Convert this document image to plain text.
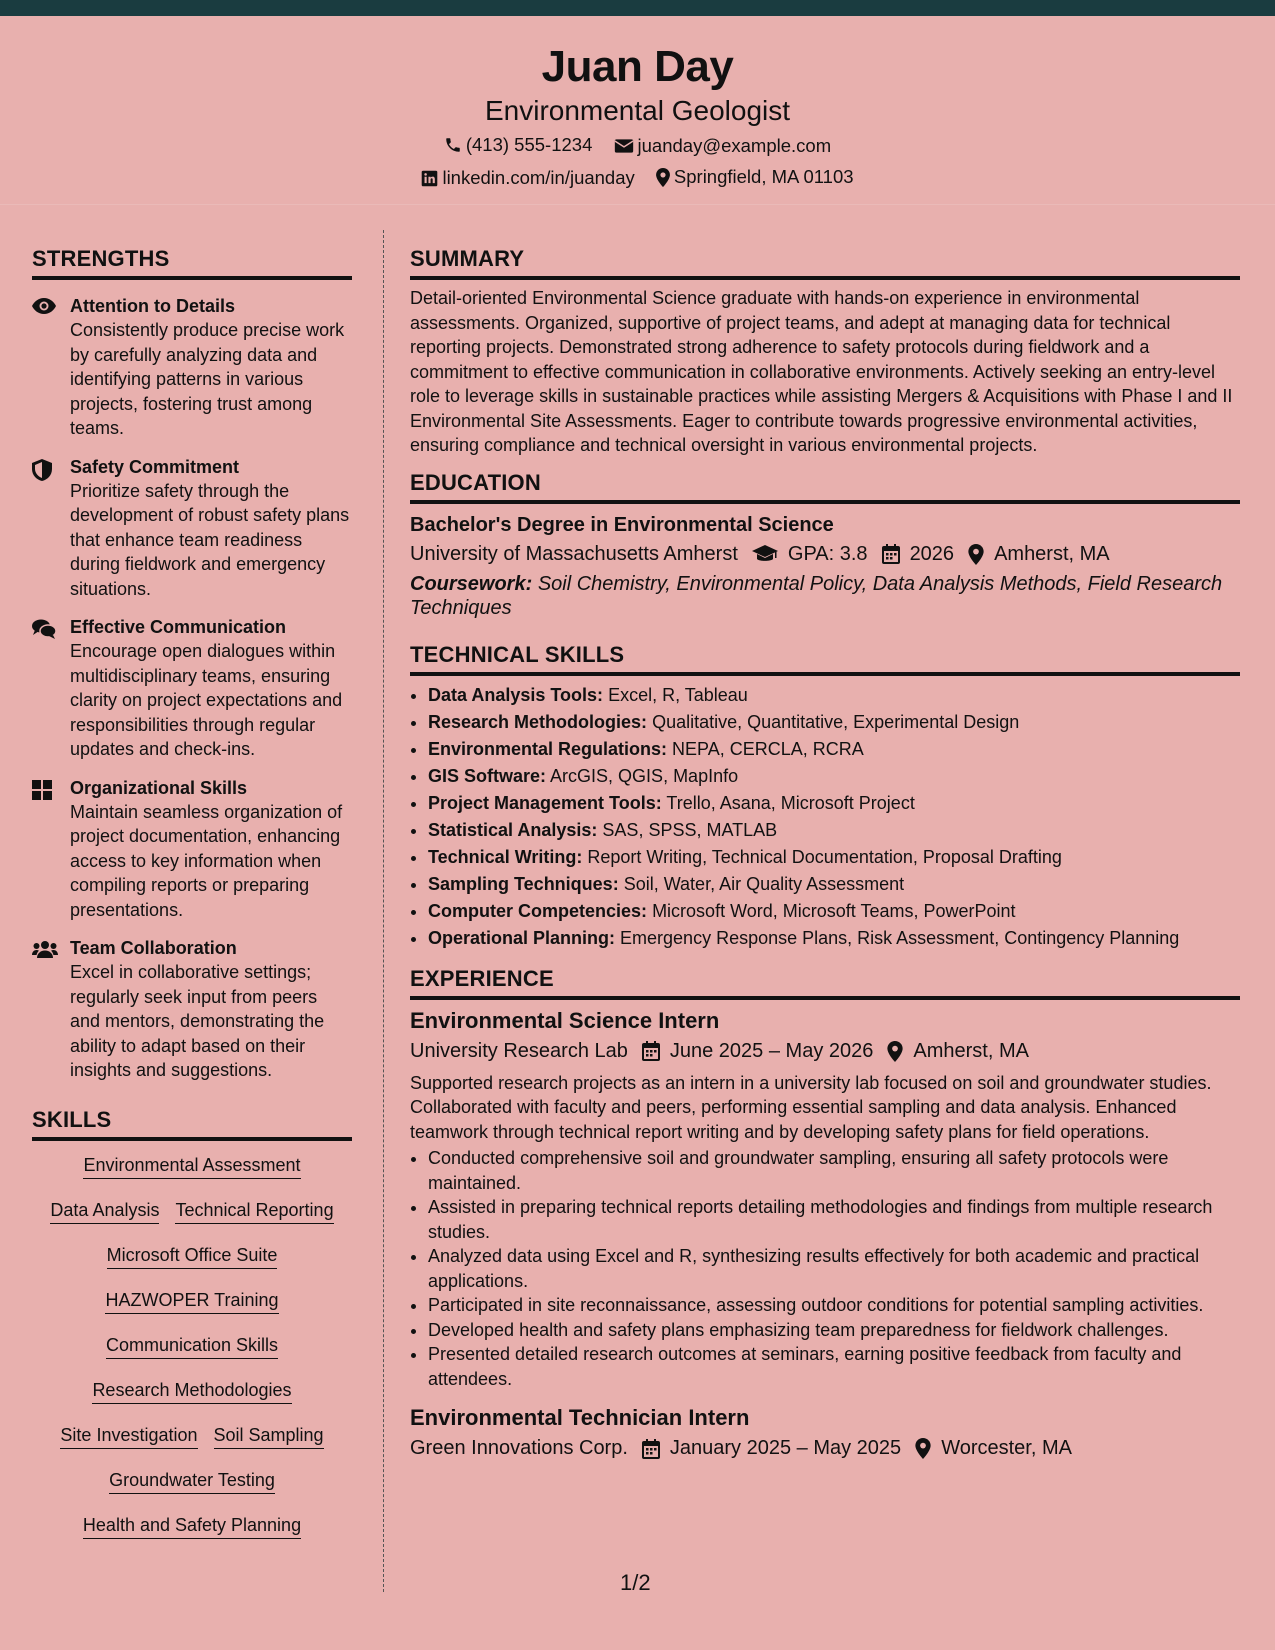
Juan Day
Environmental Geologist
(413) 555-1234
juanday@example.com
linkedin.com/in/juanday
Springfield, MA 01103
STRENGTHS
Attention to Details
Consistently produce precise work by carefully analyzing data and identifying patterns in various projects, fostering trust among teams.
Safety Commitment
Prioritize safety through the development of robust safety plans that enhance team readiness during fieldwork and emergency situations.
Effective Communication
Encourage open dialogues within multidisciplinary teams, ensuring clarity on project expectations and responsibilities through regular updates and check-ins.
Organizational Skills
Maintain seamless organization of project documentation, enhancing access to key information when compiling reports or preparing presentations.
Team Collaboration
Excel in collaborative settings; regularly seek input from peers and mentors, demonstrating the ability to adapt based on their insights and suggestions.
SKILLS
Environmental Assessment
Data Analysis Technical Reporting
Microsoft Office Suite
HAZWOPER Training
Communication Skills
Research Methodologies
Site Investigation Soil Sampling
Groundwater Testing
Health and Safety Planning
SUMMARY

Detail-oriented Environmental Science graduate with hands-on experience in environmental assessments. Organized, supportive of project teams, and adept at managing data for technical reporting projects. Demonstrated strong adherence to safety protocols during fieldwork and a commitment to effective communication in collaborative environments. Actively seeking an entry-level role to leverage skills in sustainable practices while assisting Mergers & Acquisitions with Phase I and II Environmental Site Assessments. Eager to contribute towards progressive environmental activities, ensuring compliance and technical oversight in various environmental projects.

EDUCATION
Bachelor's Degree in Environmental Science
University of Massachusetts Amherst	GPA: 3.8 2026 Amherst, MA
Coursework: Soil Chemistry, Environmental Policy, Data Analysis Methods, Field Research Techniques
TECHNICAL SKILLS
• Data Analysis Tools: Excel, R, Tableau
• Research Methodologies: Qualitative, Quantitative, Experimental Design
• Environmental Regulations: NEPA, CERCLA, RCRA
• GIS Software: ArcGIS, QGIS, MapInfo
• Project Management Tools: Trello, Asana, Microsoft Project
• Statistical Analysis: SAS, SPSS, MATLAB
• Technical Writing: Report Writing, Technical Documentation, Proposal Drafting
• Sampling Techniques: Soil, Water, Air Quality Assessment
• Computer Competencies: Microsoft Word, Microsoft Teams, PowerPoint
• Operational Planning: Emergency Response Plans, Risk Assessment, Contingency Planning
EXPERIENCE
Environmental Science Intern
University Research Lab June 2025 – May 2026 Amherst, MA

Supported research projects as an intern in a university lab focused on soil and groundwater studies. Collaborated with faculty and peers, performing essential sampling and data analysis. Enhanced teamwork through technical report writing and by developing safety plans for field operations.

• Conducted comprehensive soil and groundwater sampling, ensuring all safety protocols were maintained.
• Assisted in preparing technical reports detailing methodologies and findings from multiple research studies.
• Analyzed data using Excel and R, synthesizing results effectively for both academic and practical applications.
• Participated in site reconnaissance, assessing outdoor conditions for potential sampling activities.
• Developed health and safety plans emphasizing team preparedness for fieldwork challenges.
• Presented detailed research outcomes at seminars, earning positive feedback from faculty and attendees.
Environmental Technician Intern
Green Innovations Corp. January 2025 – May 2025 Worcester, MA
1/2
